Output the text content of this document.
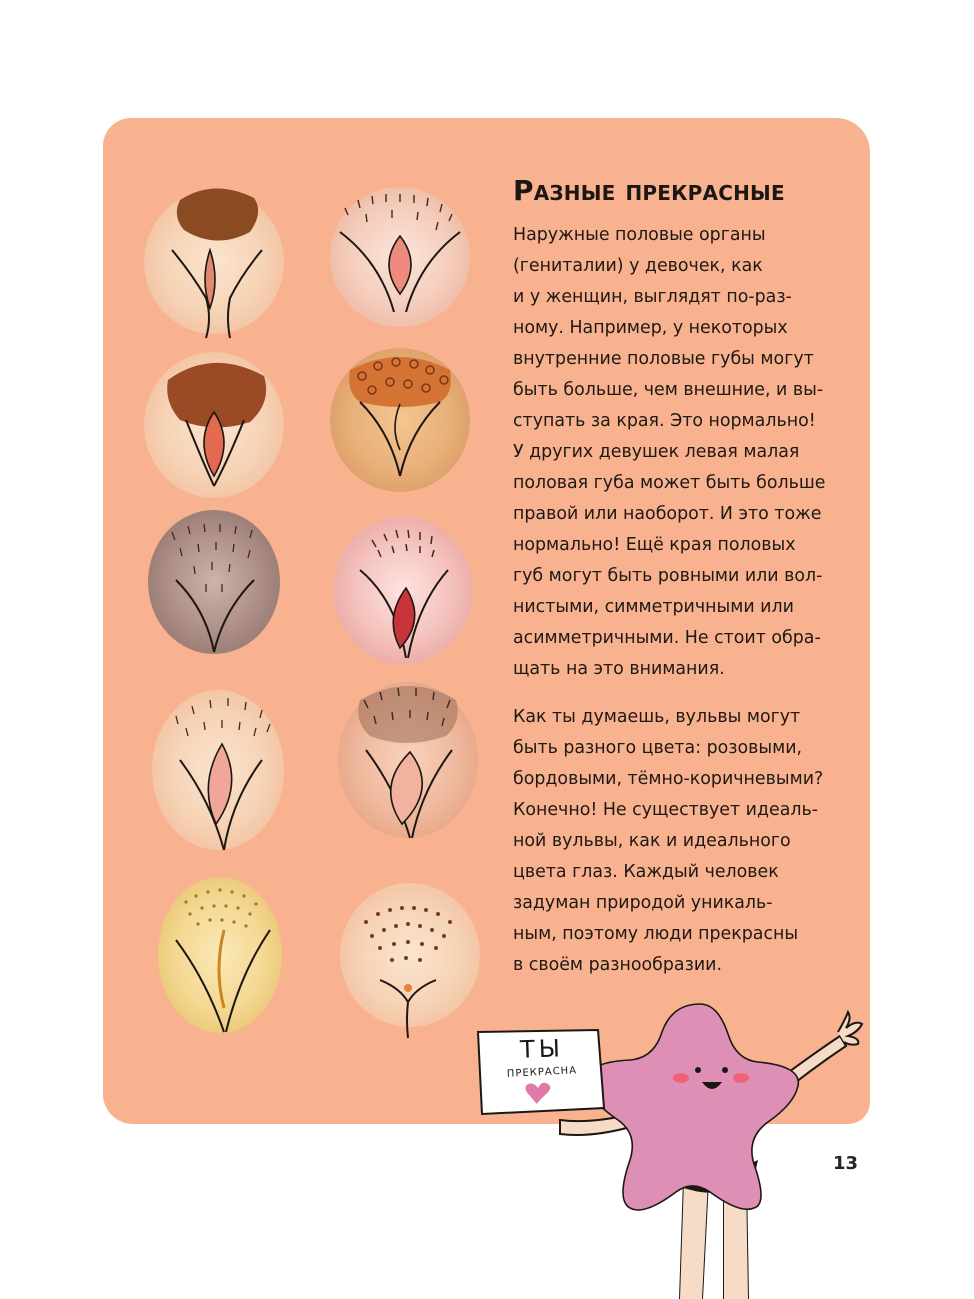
Разные прекрасные

Наружные половые органы
(гениталии) у девочек, как
и у женщин, выглядят по-раз-
ному. Например, у некоторых
внутренние половые губы могут
быть больше, чем внешние, и вы-
ступать за края. Это нормально!
У других девушек левая малая
половая губа может быть больше
правой или наоборот. И это тоже
нормально! Ещё края половых
губ могут быть ровными или вол-
нистыми, симметричными или
асимметричными. Не стоит обра-
щать на это внимания.

Как ты думаешь, вульвы могут
быть разного цвета: розовыми,
бордовыми, тёмно-коричневыми?
Конечно! Не существует идеаль-
ной вульвы, как и идеального
цвета глаз. Каждый человек
задуман природой уникаль-
ным, поэтому люди прекрасны
в своём разнообразии.

ТЫ
ПРЕКРАСНА
13
